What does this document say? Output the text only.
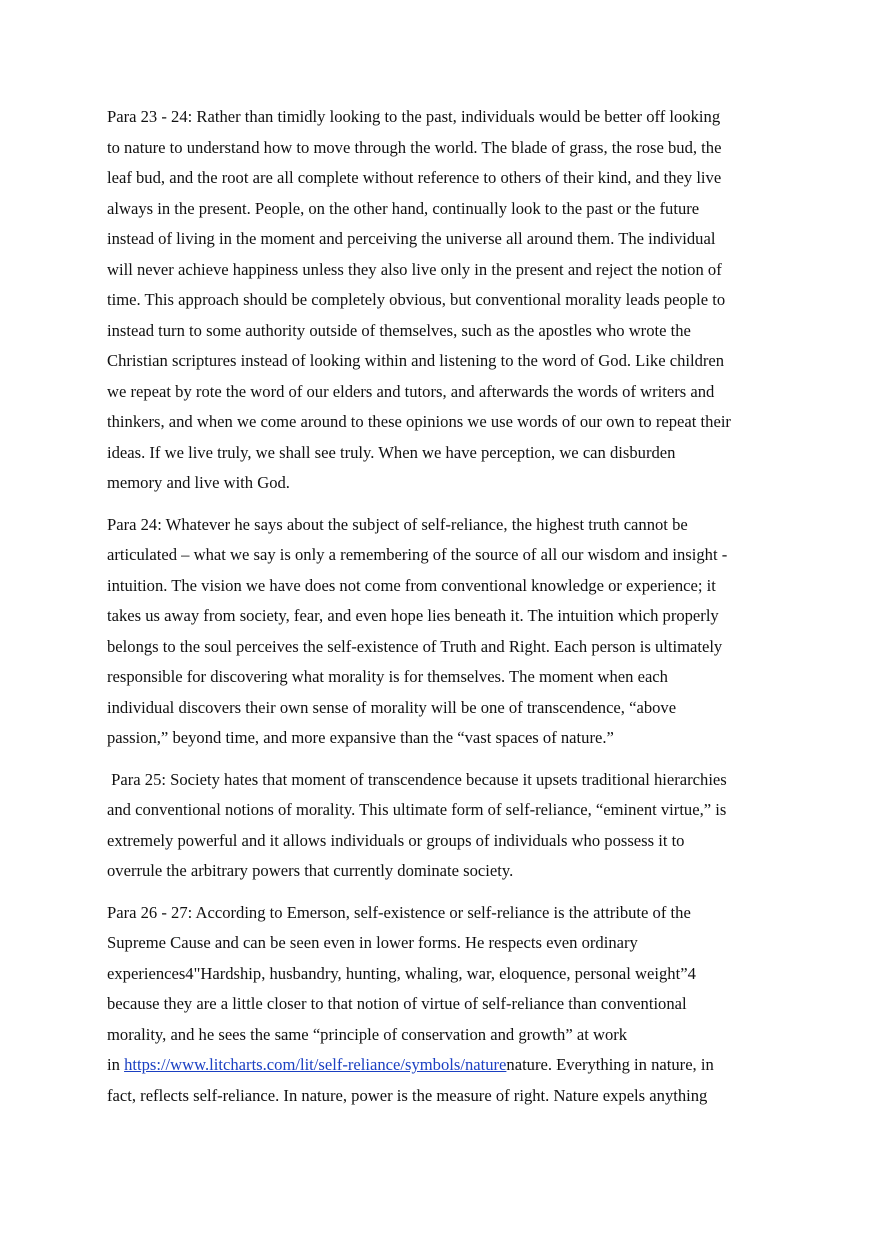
Para 23 - 24: Rather than timidly looking to the past, individuals would be better off looking
to nature to understand how to move through the world. The blade of grass, the rose bud, the
leaf bud, and the root are all complete without reference to others of their kind, and they live
always in the present. People, on the other hand, continually look to the past or the future
instead of living in the moment and perceiving the universe all around them. The individual
will never achieve happiness unless they also live only in the present and reject the notion of
time. This approach should be completely obvious, but conventional morality leads people to
instead turn to some authority outside of themselves, such as the apostles who wrote the
Christian scriptures instead of looking within and listening to the word of God. Like children
we repeat by rote the word of our elders and tutors, and afterwards the words of writers and
thinkers, and when we come around to these opinions we use words of our own to repeat their
ideas. If we live truly, we shall see truly. When we have perception, we can disburden
memory and live with God.
Para 24: Whatever he says about the subject of self-reliance, the highest truth cannot be
articulated – what we say is only a remembering of the source of all our wisdom and insight -
intuition. The vision we have does not come from conventional knowledge or experience; it
takes us away from society, fear, and even hope lies beneath it. The intuition which properly
belongs to the soul perceives the self-existence of Truth and Right. Each person is ultimately
responsible for discovering what morality is for themselves. The moment when each
individual discovers their own sense of morality will be one of transcendence, “above
passion,” beyond time, and more expansive than the “vast spaces of nature.”
Para 25: Society hates that moment of transcendence because it upsets traditional hierarchies
and conventional notions of morality. This ultimate form of self-reliance, “eminent virtue,” is
extremely powerful and it allows individuals or groups of individuals who possess it to
overrule the arbitrary powers that currently dominate society.
Para 26 - 27: According to Emerson, self-existence or self-reliance is the attribute of the
Supreme Cause and can be seen even in lower forms. He respects even ordinary
experiences4"Hardship, husbandry, hunting, whaling, war, eloquence, personal weight”4
because they are a little closer to that notion of virtue of self-reliance than conventional
morality, and he sees the same “principle of conservation and growth” at work
in https://www.litcharts.com/lit/self-reliance/symbols/naturenature. Everything in nature, in
fact, reflects self-reliance. In nature, power is the measure of right. Nature expels anything
